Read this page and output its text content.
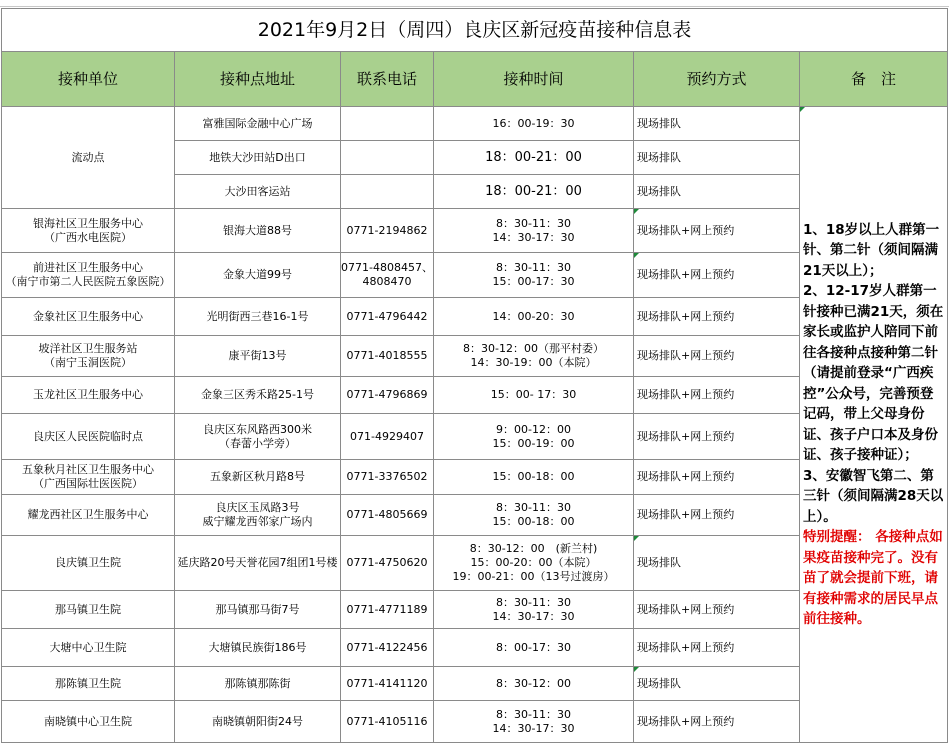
2021年9月2日（周四）良庆区新冠疫苗接种信息表					
接种单位	接种点地址	联系电话	接种时间	预约方式	备　注

流动点	富雅国际金融中心广场		16：00-19：30	现场排队	1、18岁以上人群第一针、第二针（须间隔满21天以上）；
2、12-17岁人群第一针接种已满21天，须在家长或监护人陪同下前往各接种点接种第二针（请提前登录“广西疾控”公众号，完善预登记码，带上父母身份证、孩子户口本及身份证、孩子接种证）；
3、安徽智飞第二、第三针（须间隔满28天以上）。
特别提醒： 各接种点如果疫苗接种完了。没有苗了就会提前下班，请有接种需求的居民早点前往接种。

	地铁大沙田站D出口		18：00-21：00	现场排队	

	大沙田客运站		18：00-21：00	现场排队	

银海社区卫生服务中心
（广西水电医院）	银海大道88号	0771-2194862	8：30-11：30
14：30-17：30	现场排队+网上预约	

前进社区卫生服务中心
（南宁市第二人民医院五象医院）	金象大道99号	0771-4808457、
4808470	8：30-11：30
15：00-17：30	现场排队+网上预约	

金象社区卫生服务中心	光明街西三巷16-1号	0771-4796442	14：00-20：30	现场排队+网上预约	

坡洋社区卫生服务站
（南宁玉洞医院）	康平街13号	0771-4018555	8：30-12：00（那平村委）
14：30-19：00（本院）	现场排队+网上预约	

玉龙社区卫生服务中心	金象三区秀禾路25-1号	0771-4796869	15：00- 17：30	现场排队+网上预约	

良庆区人民医院临时点	良庆区东风路西300米
（春蕾小学旁）	071-4929407	9：00-12：00
15：00-19：00	现场排队+网上预约	

五象秋月社区卫生服务中心
（广西国际壮医医院）	五象新区秋月路8号	0771-3376502	15：00-18：00	现场排队+网上预约	

耀龙西社区卫生服务中心	良庆区玉凤路3号
威宁耀龙西邻家广场内	0771-4805669	8：30-11：30
15：00-18：00	现场排队+网上预约	

良庆镇卫生院	延庆路20号天誉花园7组团1号楼	0771-4750620	8：30-12：00　(新兰村)
15：00-20：00（本院）
19：00-21：00（13号过渡房）	现场排队	

那马镇卫生院	那马镇那马街7号	0771-4771189	8：30-11：30
14：30-17：30	现场排队+网上预约	

大塘中心卫生院	大塘镇民族街186号	0771-4122456	8：00-17：30	现场排队+网上预约	

那陈镇卫生院	那陈镇那陈街	0771-4141120	8：30-12：00	现场排队	

南晓镇中心卫生院	南晓镇朝阳街24号	0771-4105116	8：30-11：30
14：30-17：30	现场排队+网上预约	
